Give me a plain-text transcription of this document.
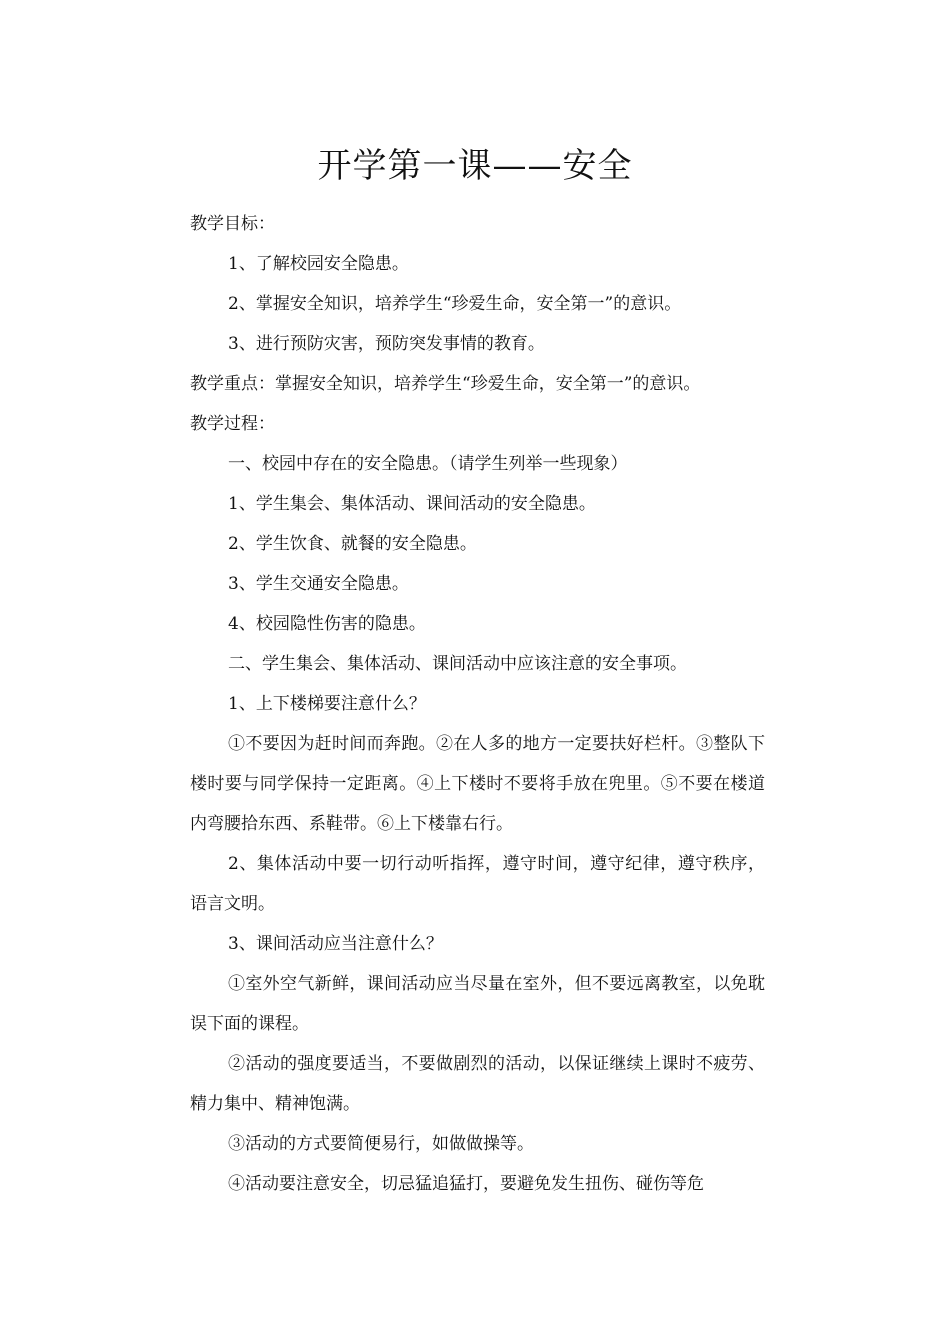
开学第一课——安全

教学目标：

1、了解校园安全隐患。

2、掌握安全知识，培养学生“珍爱生命，安全第一”的意识。

3、进行预防灾害，预防突发事情的教育。

教学重点：掌握安全知识，培养学生“珍爱生命，安全第一”的意识。

教学过程：

一、校园中存在的安全隐患。（请学生列举一些现象）

1、学生集会、集体活动、课间活动的安全隐患。

2、学生饮食、就餐的安全隐患。

3、学生交通安全隐患。

4、校园隐性伤害的隐患。

二、学生集会、集体活动、课间活动中应该注意的安全事项。

1、上下楼梯要注意什么？

①不要因为赶时间而奔跑。②在人多的地方一定要扶好栏杆。③整队下楼时要与同学保持一定距离。④上下楼时不要将手放在兜里。⑤不要在楼道内弯腰拾东西、系鞋带。⑥上下楼靠右行。

2、集体活动中要一切行动听指挥，遵守时间，遵守纪律，遵守秩序，语言文明。

3、课间活动应当注意什么？

①室外空气新鲜，课间活动应当尽量在室外，但不要远离教室，以免耽误下面的课程。

②活动的强度要适当，不要做剧烈的活动，以保证继续上课时不疲劳、精力集中、精神饱满。

③活动的方式要简便易行，如做做操等。

④活动要注意安全，切忌猛追猛打，要避免发生扭伤、碰伤等危
